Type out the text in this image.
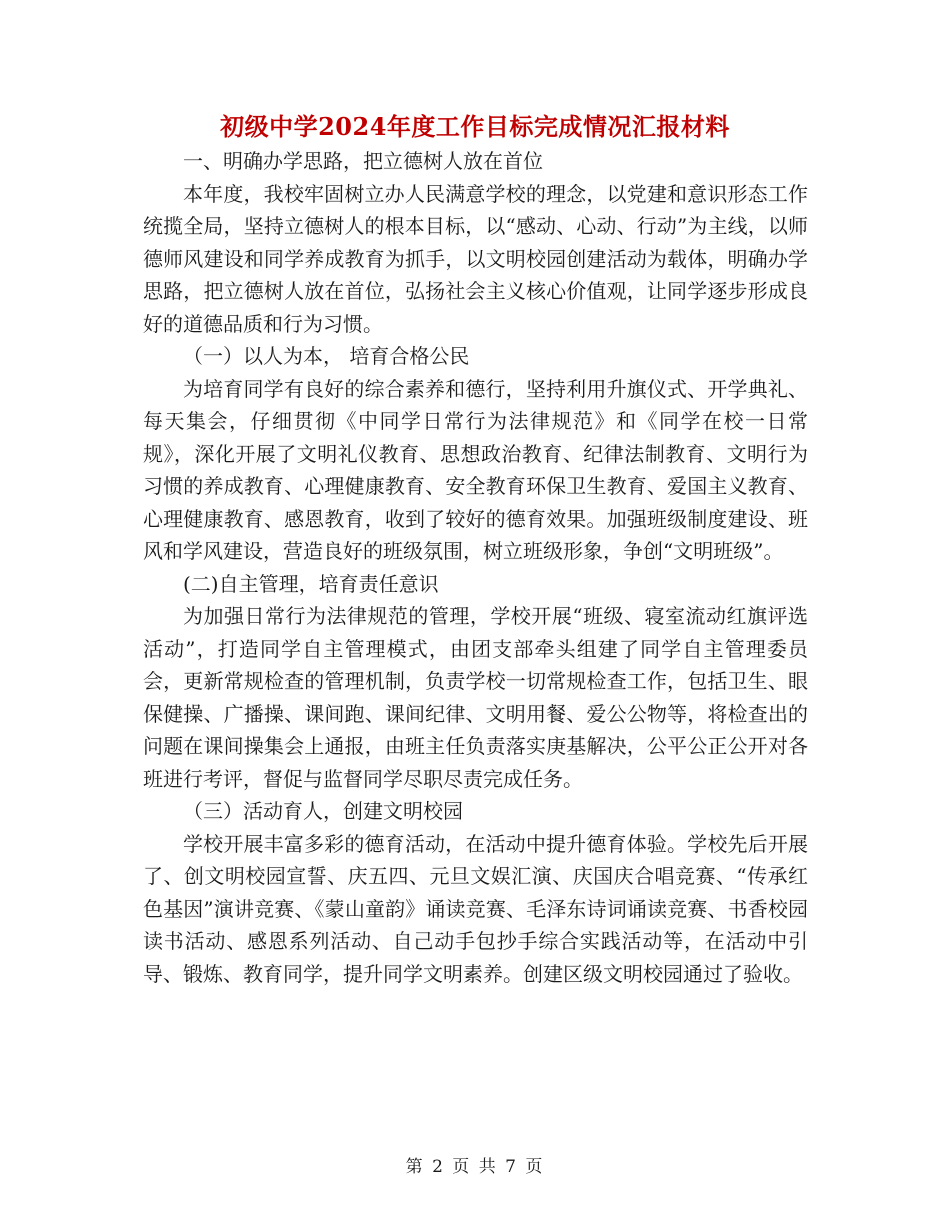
初级中学2024年度工作目标完成情况汇报材料

一、明确办学思路，把立德树人放在首位

本年度，我校牢固树立办人民满意学校的理念，以党建和意识形态工作统揽全局，坚持立德树人的根本目标，以“感动、心动、行动”为主线，以师德师风建设和同学养成教育为抓手，以文明校园创建活动为载体，明确办学思路，把立德树人放在首位，弘扬社会主义核心价值观，让同学逐步形成良好的道德品质和行为习惯。

（一）以人为本， 培育合格公民

为培育同学有良好的综合素养和德行，坚持利用升旗仪式、开学典礼、每天集会，仔细贯彻《中同学日常行为法律规范》和《同学在校一日常规》，深化开展了文明礼仪教育、思想政治教育、纪律法制教育、文明行为习惯的养成教育、心理健康教育、安全教育环保卫生教育、爱国主义教育、心理健康教育、感恩教育，收到了较好的德育效果。加强班级制度建设、班风和学风建设，营造良好的班级氛围，树立班级形象，争创“文明班级”。

(二)自主管理，培育责任意识

为加强日常行为法律规范的管理，学校开展“班级、寝室流动红旗评选活动”，打造同学自主管理模式，由团支部牵头组建了同学自主管理委员会，更新常规检查的管理机制，负责学校一切常规检查工作，包括卫生、眼保健操、广播操、课间跑、课间纪律、文明用餐、爱公公物等，将检查出的问题在课间操集会上通报，由班主任负责落实庚基解决，公平公正公开对各班进行考评，督促与监督同学尽职尽责完成任务。

（三）活动育人，创建文明校园

学校开展丰富多彩的德育活动，在活动中提升德育体验。学校先后开展了、创文明校园宣誓、庆五四、元旦文娱汇演、庆国庆合唱竞赛、“传承红色基因”演讲竞赛、《蒙山童韵》诵读竞赛、毛泽东诗词诵读竞赛、书香校园读书活动、感恩系列活动、自己动手包抄手综合实践活动等，在活动中引导、锻炼、教育同学，提升同学文明素养。创建区级文明校园通过了验收。

第 2 页 共 7 页
